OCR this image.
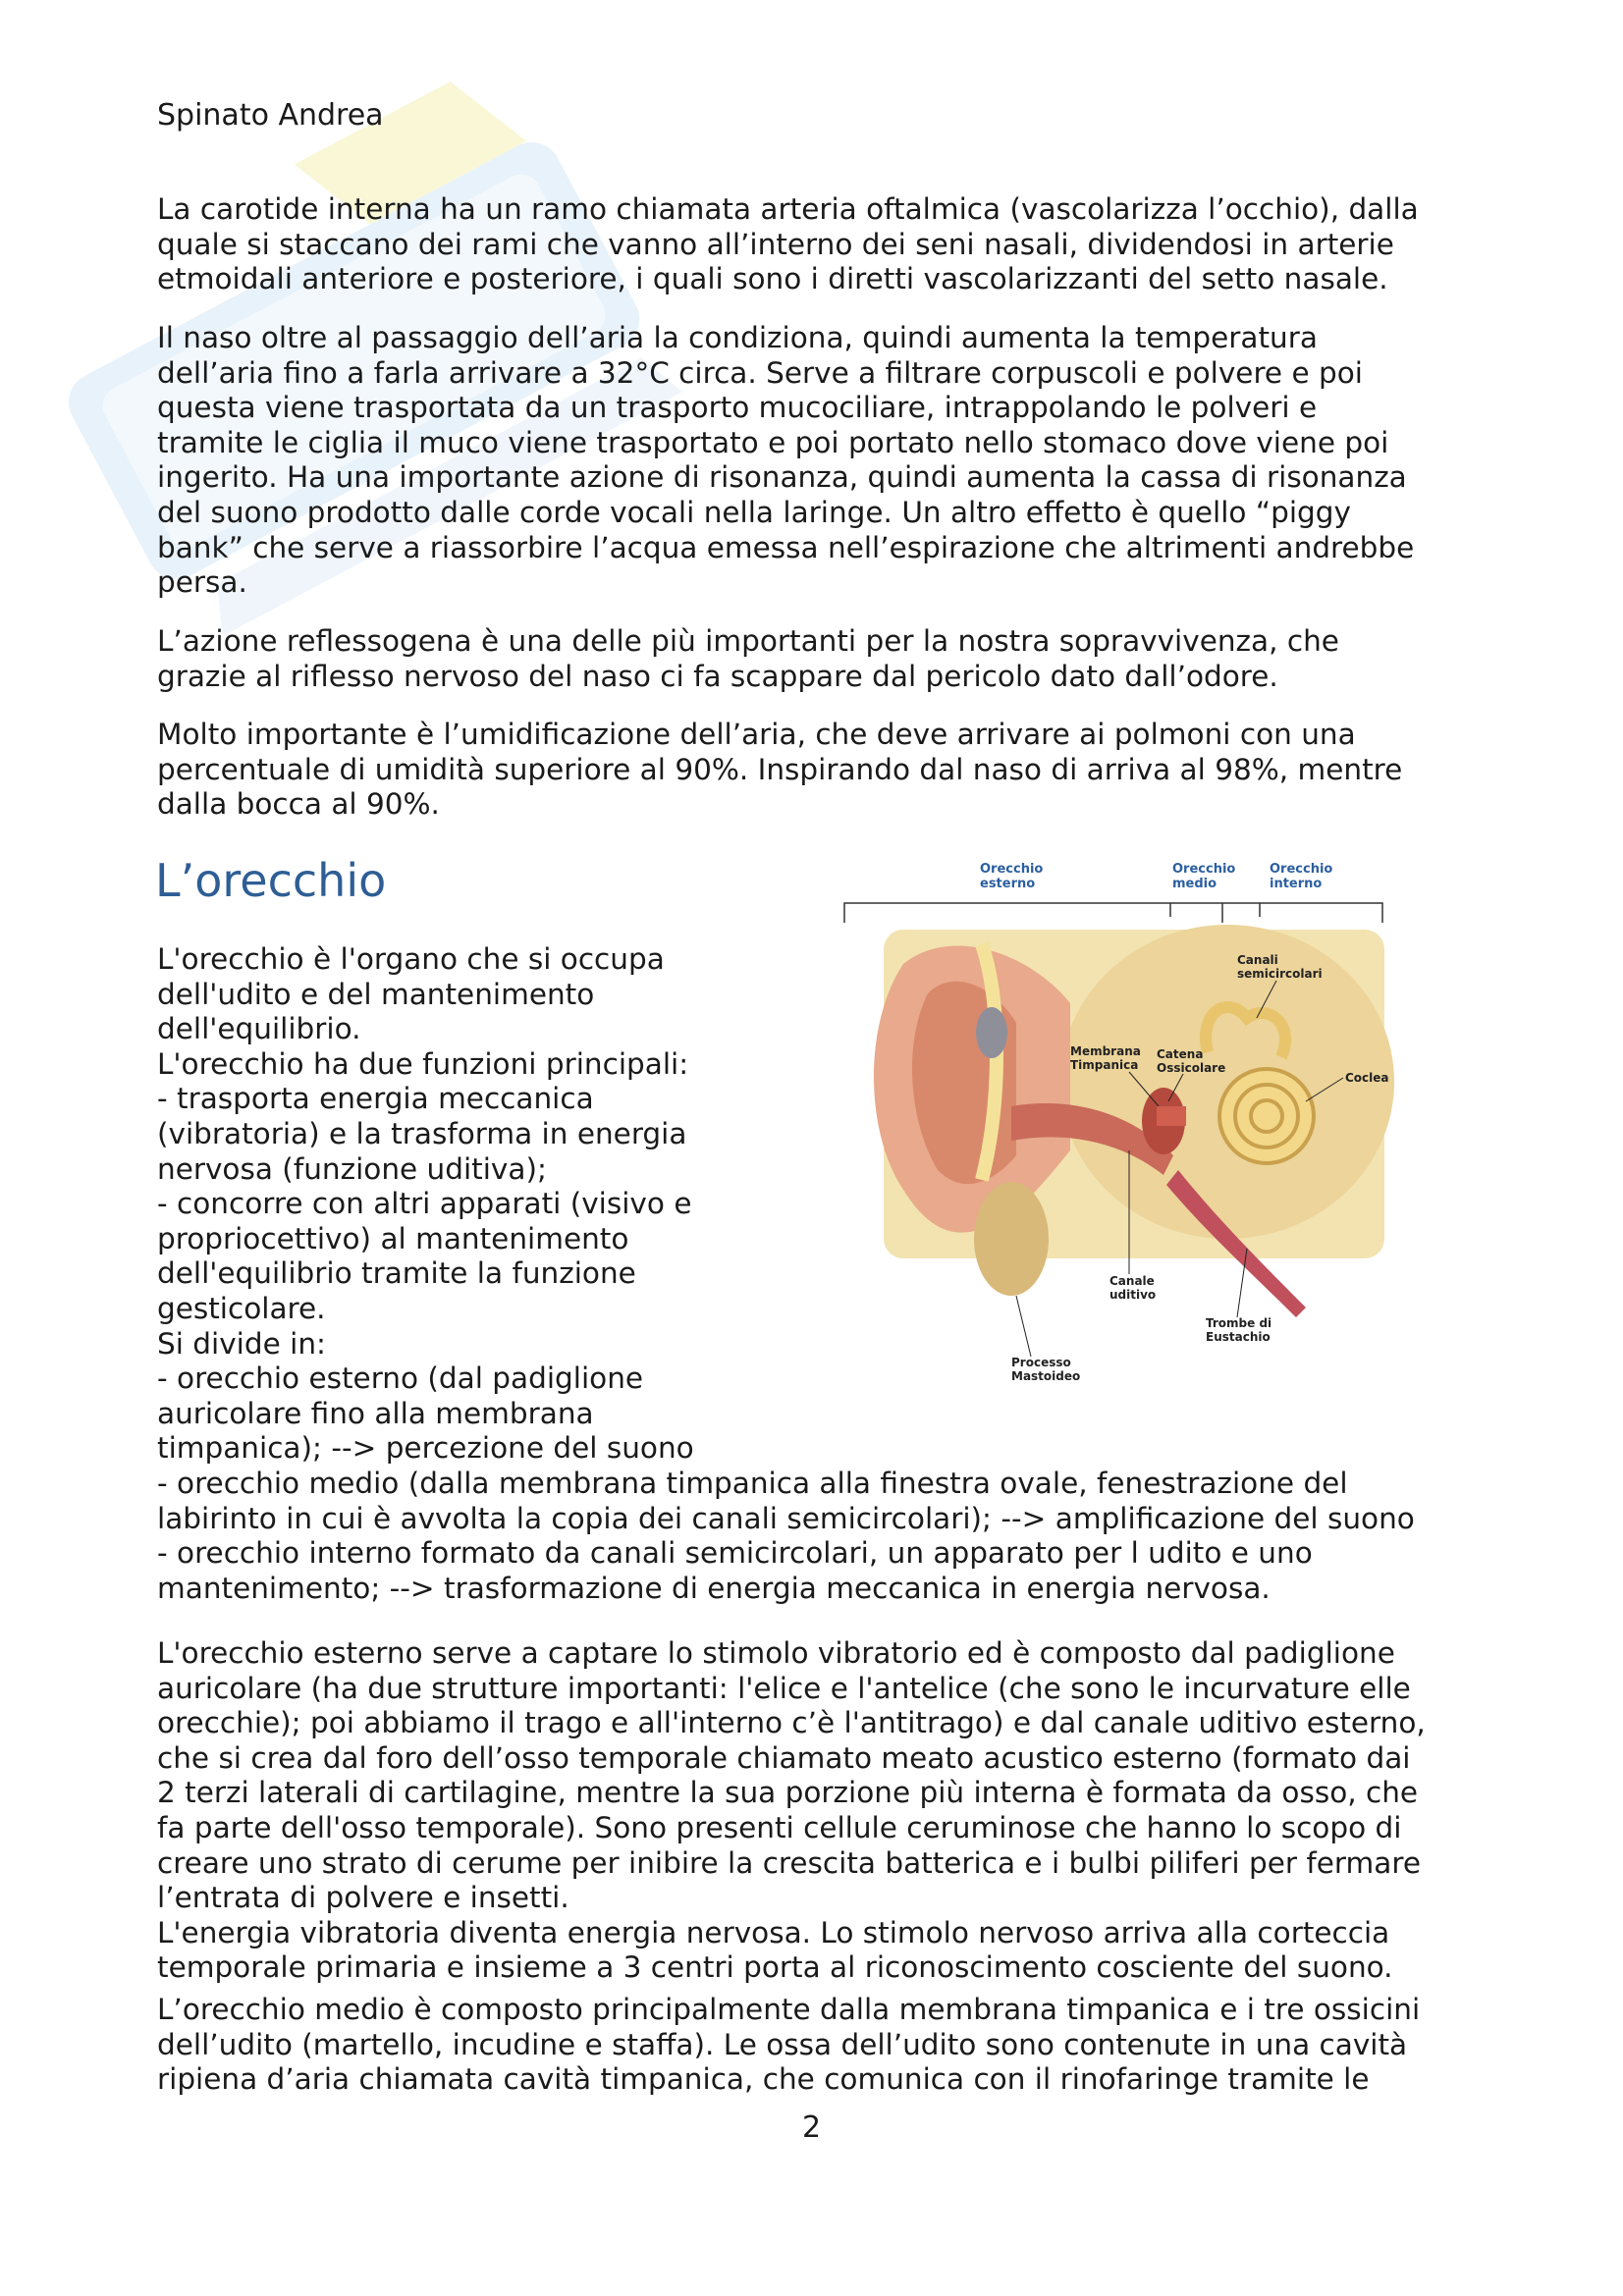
Spinato Andrea

La carotide interna ha un ramo chiamata arteria oftalmica (vascolarizza l’occhio), dalla
quale si staccano dei rami che vanno all’interno dei seni nasali, dividendosi in arterie
etmoidali anteriore e posteriore, i quali sono i diretti vascolarizzanti del setto nasale.

Il naso oltre al passaggio dell’aria la condiziona, quindi aumenta la temperatura
dell’aria fino a farla arrivare a 32°C circa. Serve a filtrare corpuscoli e polvere e poi
questa viene trasportata da un trasporto mucociliare, intrappolando le polveri e
tramite le ciglia il muco viene trasportato e poi portato nello stomaco dove viene poi
ingerito. Ha una importante azione di risonanza, quindi aumenta la cassa di risonanza
del suono prodotto dalle corde vocali nella laringe. Un altro effetto è quello “piggy
bank” che serve a riassorbire l’acqua emessa nell’espirazione che altrimenti andrebbe
persa.

L’azione reflessogena è una delle più importanti per la nostra sopravvivenza, che
grazie al riflesso nervoso del naso ci fa scappare dal pericolo dato dall’odore.

Molto importante è l’umidificazione dell’aria, che deve arrivare ai polmoni con una
percentuale di umidità superiore al 90%. Inspirando dal naso di arriva al 98%, mentre
dalla bocca al 90%.

L’orecchio	Orecchio
esterno
Orecchio
medio
Orecchio
interno
Canali
semicircolari
Membrana
Timpanica
Catena
Ossicolare
Coclea
Canale
uditivo
Trombe di
Eustachio
Processo
Mastoideo

L'orecchio è l'organo che si occupa
dell'udito e del mantenimento
dell'equilibrio.
L'orecchio ha due funzioni principali:
- trasporta energia meccanica
(vibratoria) e la trasforma in energia
nervosa (funzione uditiva);
- concorre con altri apparati (visivo e
propriocettivo) al mantenimento
dell'equilibrio tramite la funzione
gesticolare.
Si divide in:
- orecchio esterno (dal padiglione
auricolare fino alla membrana
timpanica); --> percezione del suono
- orecchio medio (dalla membrana timpanica alla finestra ovale, fenestrazione del
labirinto in cui è avvolta la copia dei canali semicircolari); --> amplificazione del suono
- orecchio interno formato da canali semicircolari, un apparato per l udito e uno
mantenimento; --> trasformazione di energia meccanica in energia nervosa.

L'orecchio esterno serve a captare lo stimolo vibratorio ed è composto dal padiglione
auricolare (ha due strutture importanti: l'elice e l'antelice (che sono le incurvature elle
orecchie); poi abbiamo il trago e all'interno c’è l'antitrago) e dal canale uditivo esterno,
che si crea dal foro dell’osso temporale chiamato meato acustico esterno (formato dai
2 terzi laterali di cartilagine, mentre la sua porzione più interna è formata da osso, che
fa parte dell'osso temporale). Sono presenti cellule ceruminose che hanno lo scopo di
creare uno strato di cerume per inibire la crescita batterica e i bulbi piliferi per fermare
l’entrata di polvere e insetti.
L'energia vibratoria diventa energia nervosa. Lo stimolo nervoso arriva alla corteccia
temporale primaria e insieme a 3 centri porta al riconoscimento cosciente del suono.

L’orecchio medio è composto principalmente dalla membrana timpanica e i tre ossicini
dell’udito (martello, incudine e staffa). Le ossa dell’udito sono contenute in una cavità
ripiena d’aria chiamata cavità timpanica, che comunica con il rinofaringe tramite le

2
